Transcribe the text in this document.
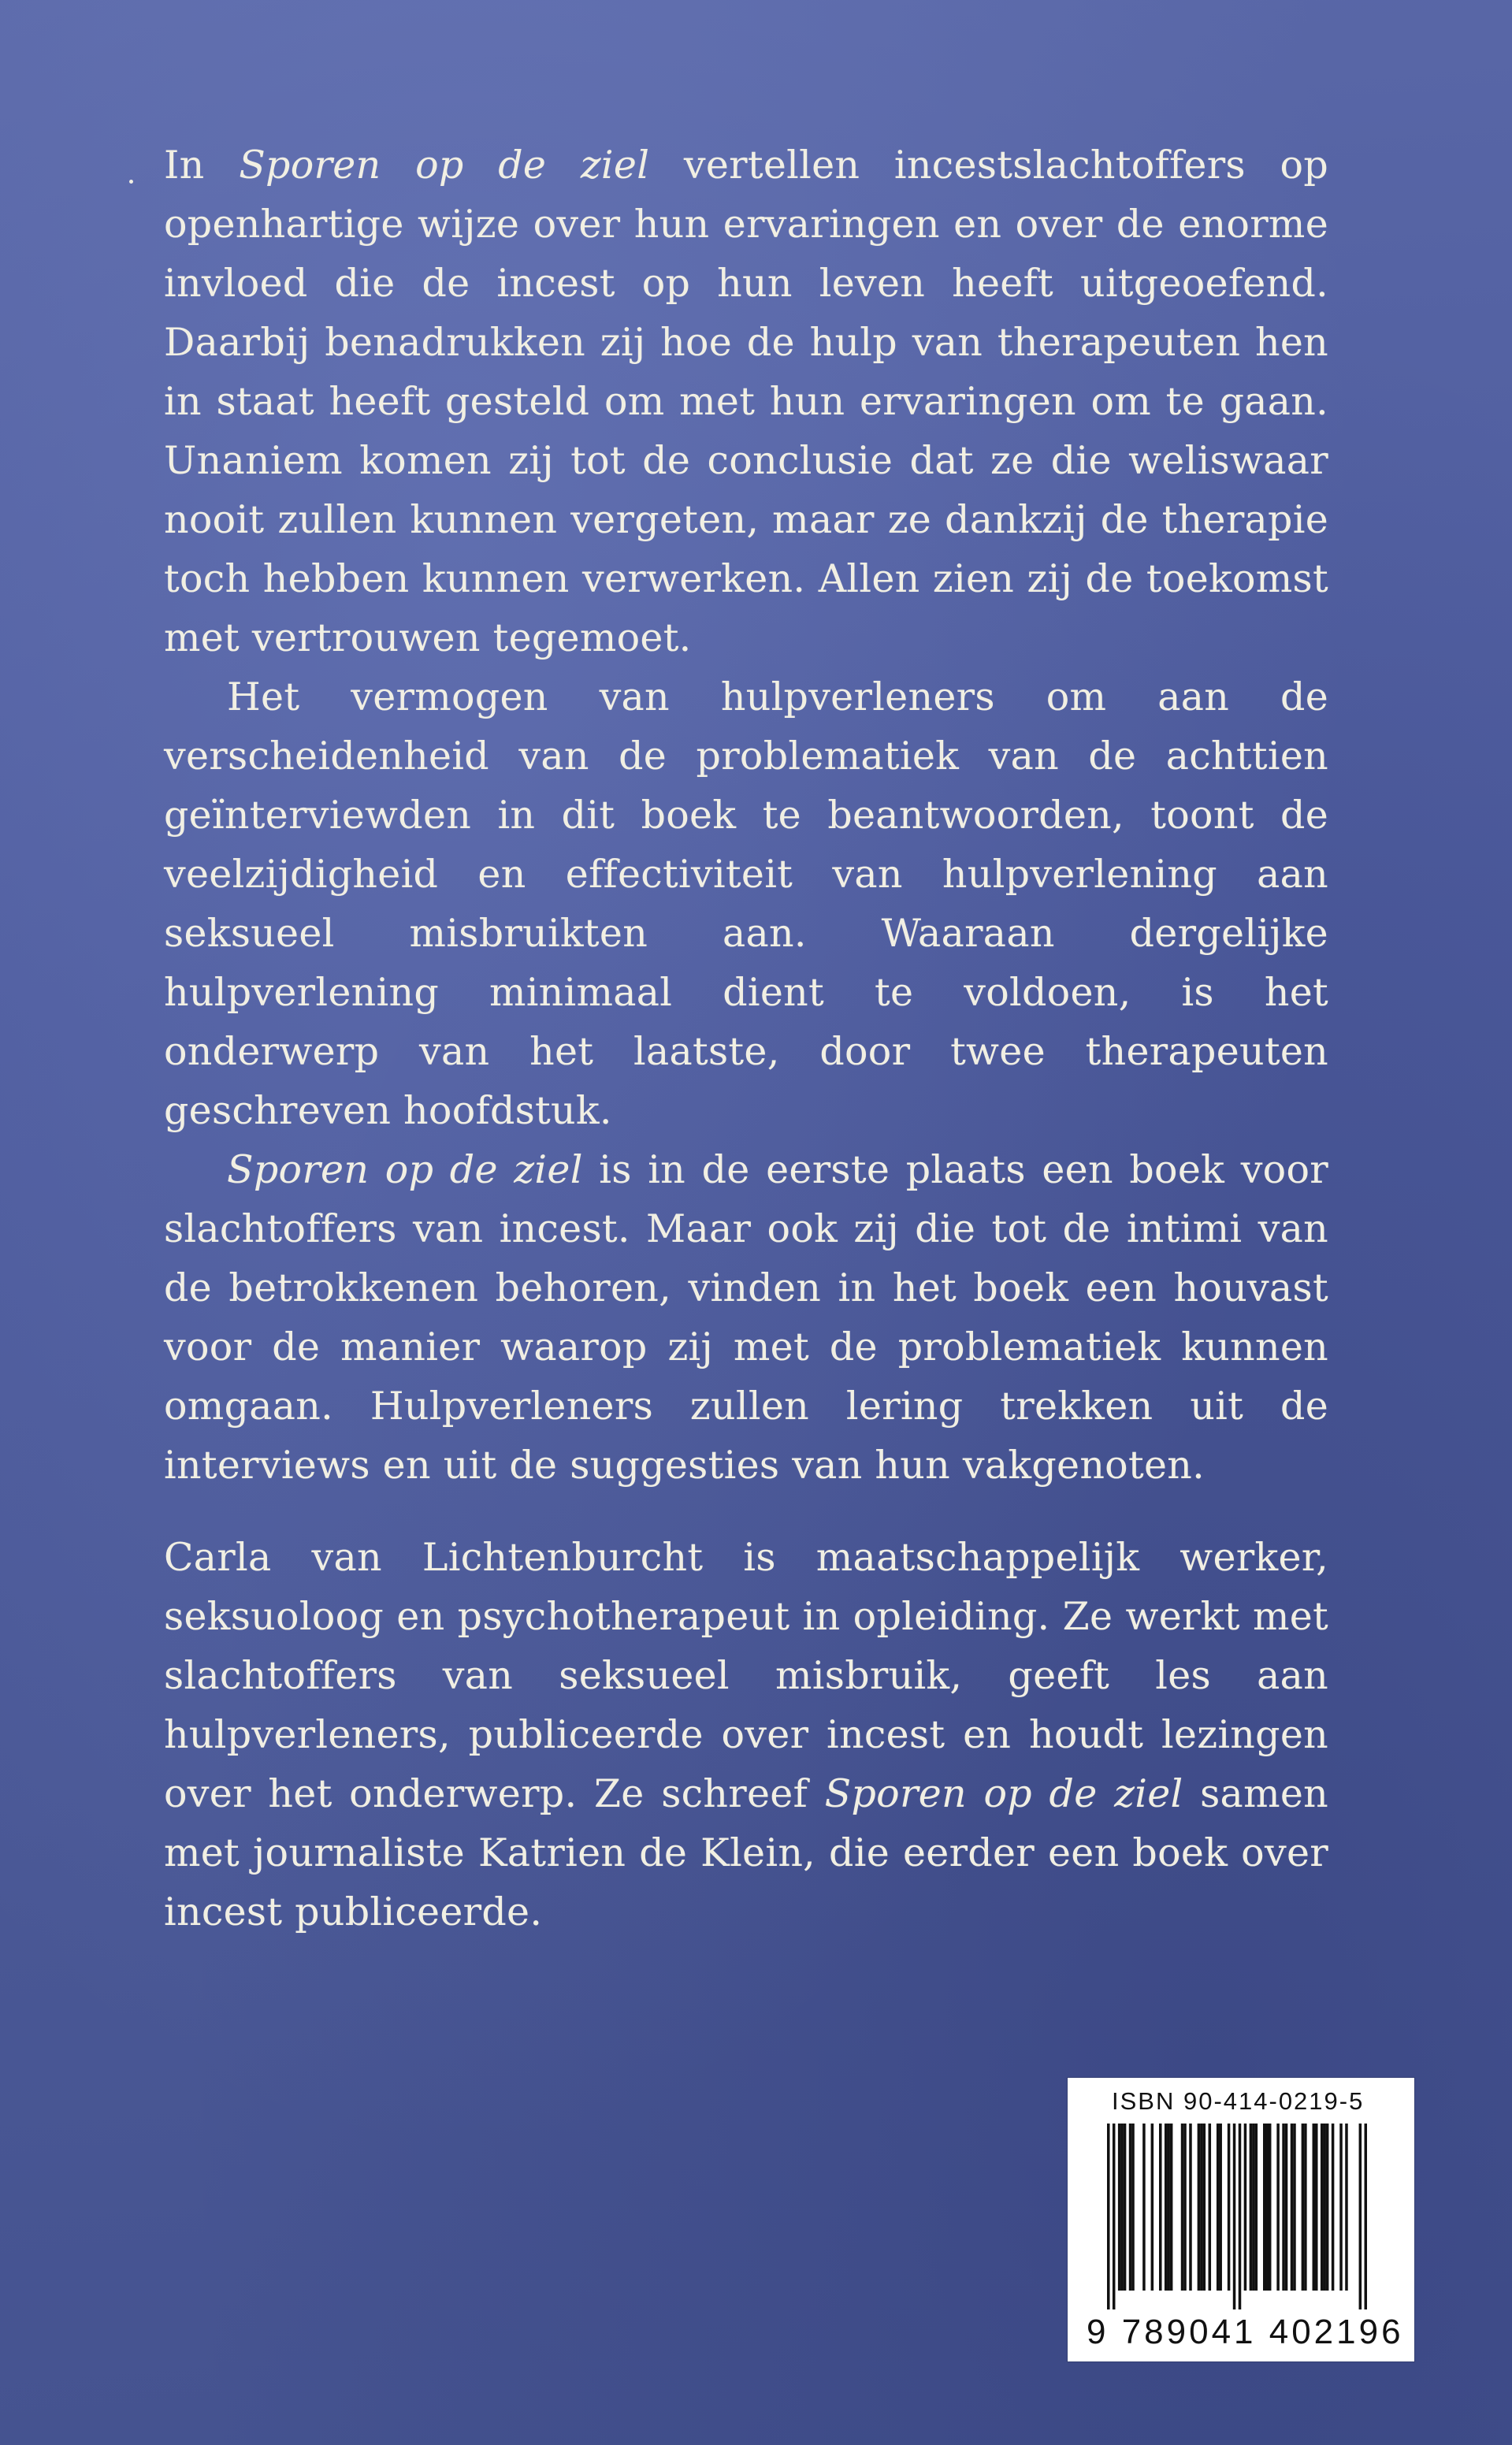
In Sporen op de ziel vertellen incestslachtoffers op openhartige wijze over hun ervaringen en over de enorme invloed die de incest op hun leven heeft uitgeoefend. Daarbij benadrukken zij hoe de hulp van therapeuten hen in staat heeft gesteld om met hun ervaringen om te gaan. Unaniem komen zij tot de conclusie dat ze die weliswaar nooit zullen kunnen vergeten, maar ze dankzij de therapie toch hebben kunnen verwerken. Allen zien zij de toekomst met vertrouwen tegemoet.

Het vermogen van hulpverleners om aan de verscheidenheid van de problematiek van de achttien geïnterviewden in dit boek te beantwoorden, toont de veelzijdigheid en effectiviteit van hulpverlening aan seksueel misbruikten aan. Waaraan dergelijke hulpverlening minimaal dient te voldoen, is het onderwerp van het laatste, door twee therapeuten geschreven hoofdstuk.

Sporen op de ziel is in de eerste plaats een boek voor slachtoffers van incest. Maar ook zij die tot de intimi van de betrokkenen behoren, vinden in het boek een houvast voor de manier waarop zij met de problematiek kunnen omgaan. Hulpverleners zullen lering trekken uit de interviews en uit de suggesties van hun vakgenoten.

Carla van Lichtenburcht is maatschappelijk werker, seksuoloog en psychotherapeut in opleiding. Ze werkt met slachtoffers van seksueel misbruik, geeft les aan hulpverleners, publiceerde over incest en houdt lezingen over het onderwerp. Ze schreef Sporen op de ziel samen met journaliste Katrien de Klein, die eerder een boek over incest publiceerde.

ISBN 90-414-0219-5
9 789041 402196
